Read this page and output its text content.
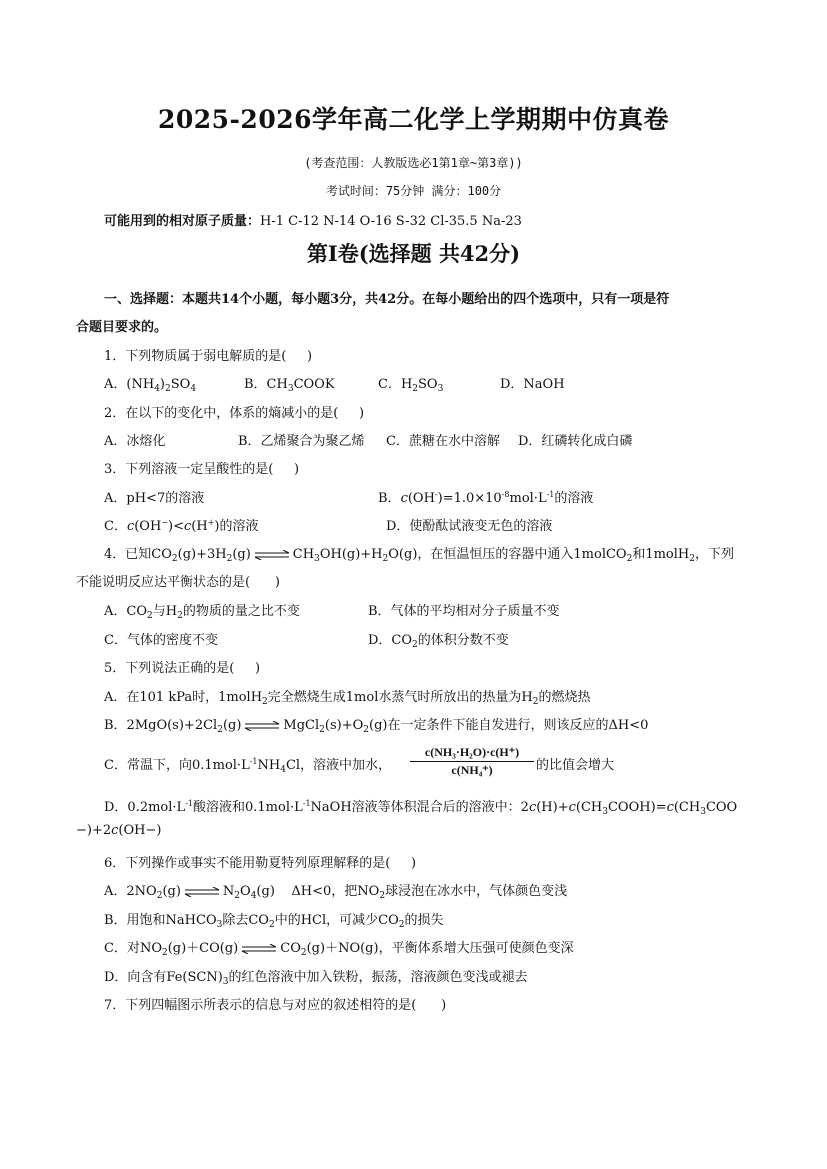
2025-2026学年高二化学上学期期中仿真卷
(考查范围：人教版选必1第1章~第3章))
考试时间：75分钟 满分：100分
可能用到的相对原子质量：H-1 C-12 N-14 O-16 S-32 Cl-35.5 Na-23
第Ⅰ卷(选择题 共42分)
一、选择题：本题共14个小题，每小题3分，共42分。在每小题给出的四个选项中，只有一项是符
合题目要求的。
1．下列物质属于弱电解质的是(     )
A．$(NH_4)_2SO_4$	B．$CH_3COOK$	C．$H_2SO_3$	D．NaOH
2．在以下的变化中，体系的熵减小的是(     )
A．冰熔化	B．乙烯聚合为聚乙烯 C．蔗糖在水中溶解 D．红磷转化成白磷
3．下列溶液一定呈酸性的是(     )
A．pH<7的溶液	B．$c(OH^-)=1.0\times 10^{-8}mol\cdot L^{-1}$的溶液
C．c(OH−)<c(H+)的溶液	D．使酚酞试液变无色的溶液
4．已知$CO_2(g)+3H_2(g)$ ⇌ $CH_3OH(g)+H_2O(g)$，在恒温恒压的容器中通入1molCO$_2$和1molH$_2$，下列
不能说明反应达平衡状态的是(      )
A．$CO_2$与$H_2$的物质的量之比不变	B．气体的平均相对分子质量不变
C．气体的密度不变	D．$CO_2$的体积分数不变
5．下列说法正确的是(     )
A．在101 kPa时，1molH$_2$完全燃烧生成1mol水蒸气时所放出的热量为$H_2$的燃烧热
B．$2MgO(s)+2Cl_2(g)$ ⇌ $MgCl_2(s)+O_2(g)$在一定条件下能自发进行，则该反应的ΔH<0
C．常温下，向$0.1mol\cdot L^{-1}NH_4Cl$，溶液中加水， $\frac{\text{c(NH₃·H₂O)·c(H⁺)}}{\text{c(NH₄⁺)}}$ 的比值会增大
D．$0.2mol\cdot L^{-1}$酸溶液和$0.1mol\cdot L^{-1}NaOH$溶液等体积混合后的溶液中：$2c(H)+c(CH_3COOH)=c(CH_3COO$
−)+2c(OH−)
6．下列操作或事实不能用勒夏特列原理解释的是(     )
A．$2NO_2(g)$ ⇌ $N_2O_4(g)$    ΔH<0，把$NO_2$球浸泡在冰水中，气体颜色变浅
B．用饱和NaHCO$_3$除去$CO_2$中的HCl，可减少$CO_2$的损失
C．对$NO_2(g)+CO(g)$ ⇌ $CO_2(g)+NO(g)$，平衡体系增大压强可使颜色变深
D．向含有$Fe(SCN)_3$的红色溶液中加入铁粉，振荡，溶液颜色变浅或褪去
7．下列四幅图示所表示的信息与对应的叙述相符的是(      )
